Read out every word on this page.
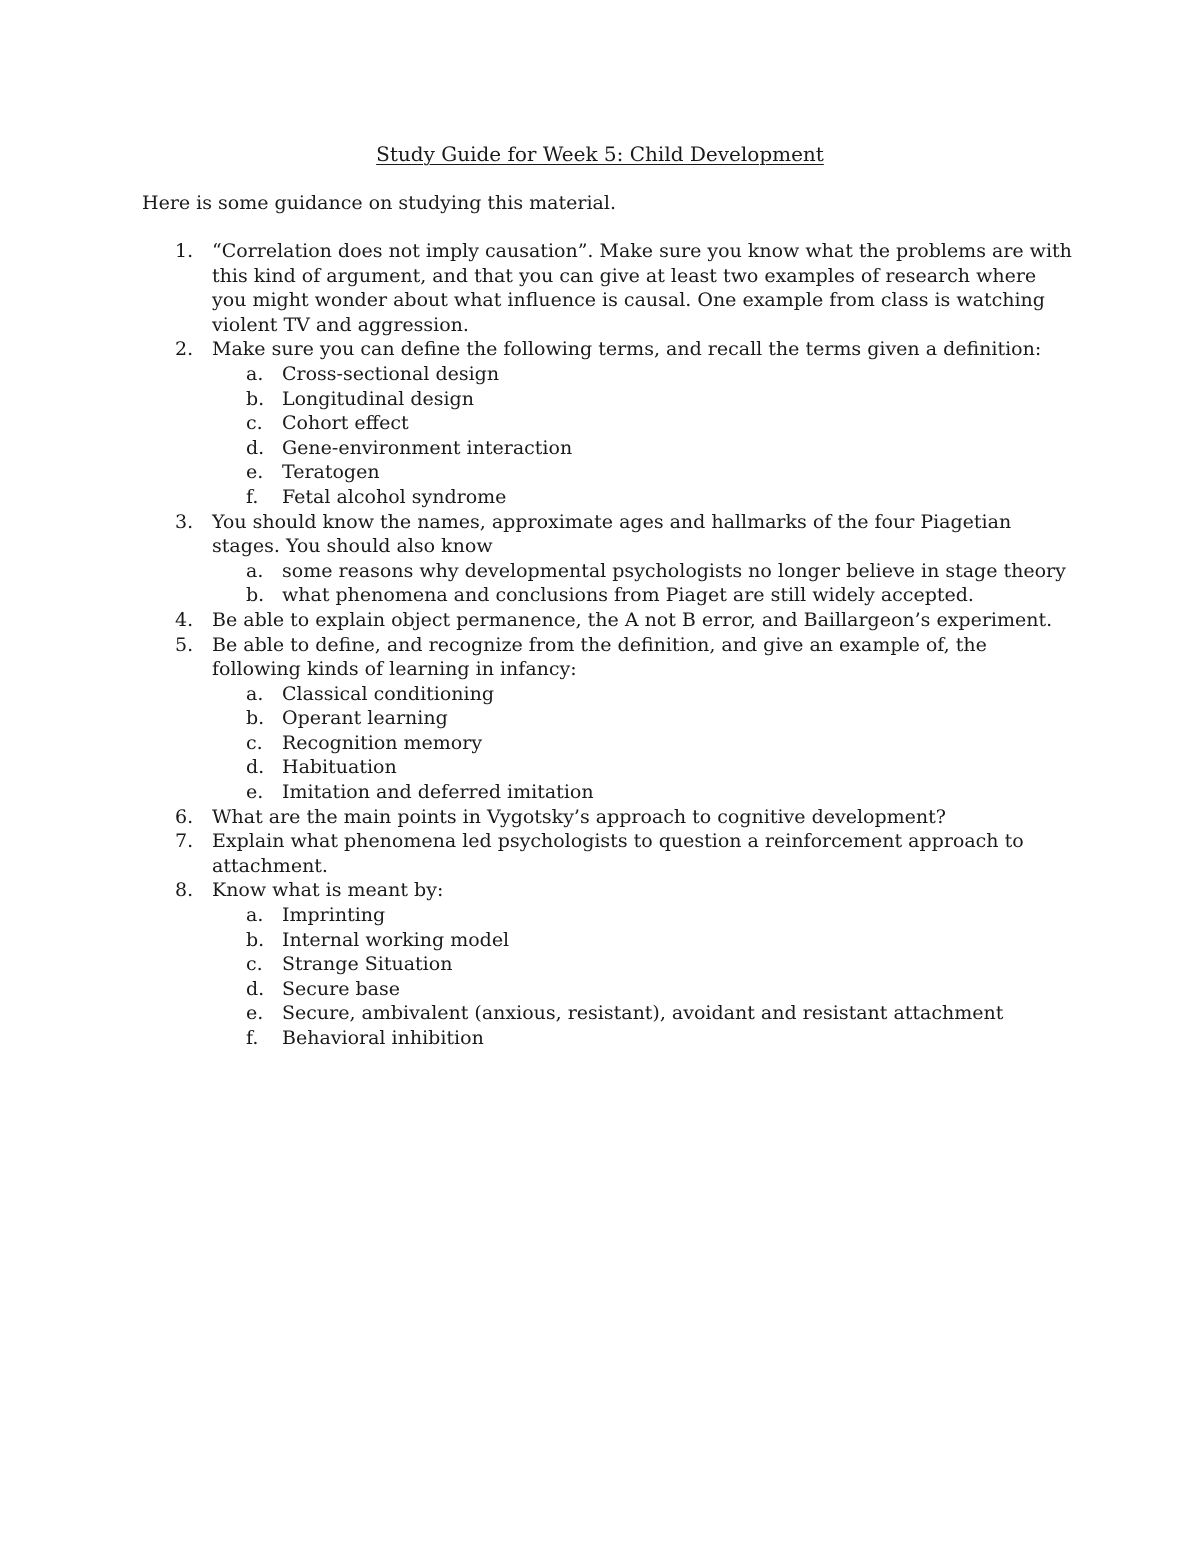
Study Guide for Week 5: Child Development
Here is some guidance on studying this material.
1. “Correlation does not imply causation”. Make sure you know what the problems are with this kind of argument, and that you can give at least two examples of research where you might wonder about what influence is causal. One example from class is watching violent TV and aggression.
2. Make sure you can define the following terms, and recall the terms given a definition:
a. Cross-sectional design
b. Longitudinal design
c.	Cohort effect
d. Gene-environment interaction
e. Teratogen
f.	Fetal alcohol syndrome
3. You should know the names, approximate ages and hallmarks of the four Piagetian stages. You should also know
a. some reasons why developmental psychologists no longer believe in stage theory
b. what phenomena and conclusions from Piaget are still widely accepted.
4. Be able to explain object permanence, the A not B error, and Baillargeon’s experiment.
5. Be able to define, and recognize from the definition, and give an example of, the following kinds of learning in infancy:
a. Classical conditioning
b. Operant learning
c.	Recognition memory
d. Habituation
e. Imitation and deferred imitation
6. What are the main points in Vygotsky’s approach to cognitive development?
7. Explain what phenomena led psychologists to question a reinforcement approach to attachment.
8. Know what is meant by:
a. Imprinting
b. Internal working model
c.	Strange Situation
d. Secure base
e. Secure, ambivalent (anxious, resistant), avoidant and resistant attachment
f.	Behavioral inhibition
